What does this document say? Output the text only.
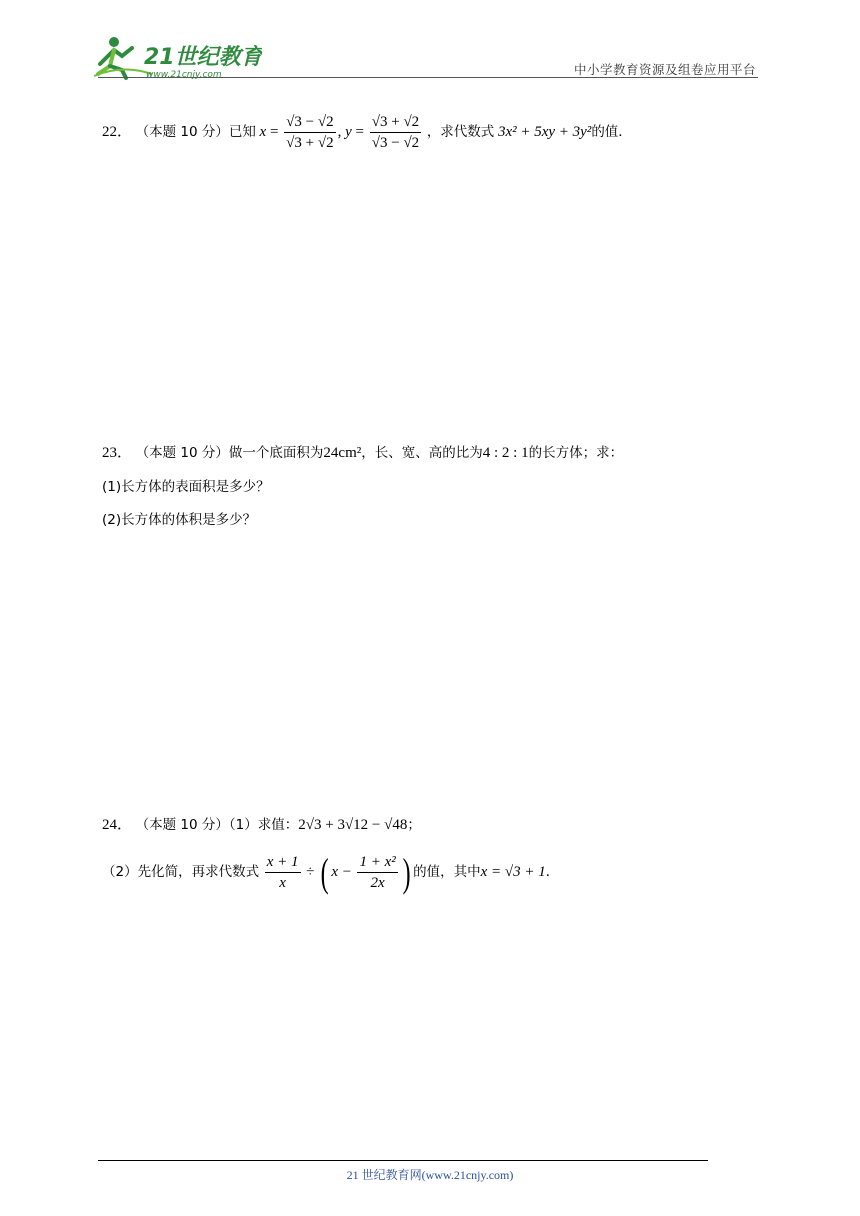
21世纪教育
www.21cnjy.com	中小学教育资源及组卷应用平台
22． （本题 10 分）已知 $x = \frac{√3 - √2}{√3 + √2}$ , $y = \frac{√3 + √2}{√3 - √2}$ ，求代数式 3x² + 5xy + 3y²的值．
23． （本题 10 分）做一个底面积为24cm²，长、宽、高的比为4 : 2 : 1的长方体；求：
(1)长方体的表面积是多少？
(2)长方体的体积是多少？
24． （本题 10 分）（1）求值：2√3 + 3√12 − √48；
（2）先化简，再求代数式 $\frac{x + 1}{x}$ ÷ ( $x - \frac{\text{1 + x²}}{2x}$ ) 的值，其中x = √3 + 1．
21 世纪教育网(www.21cnjy.com)
